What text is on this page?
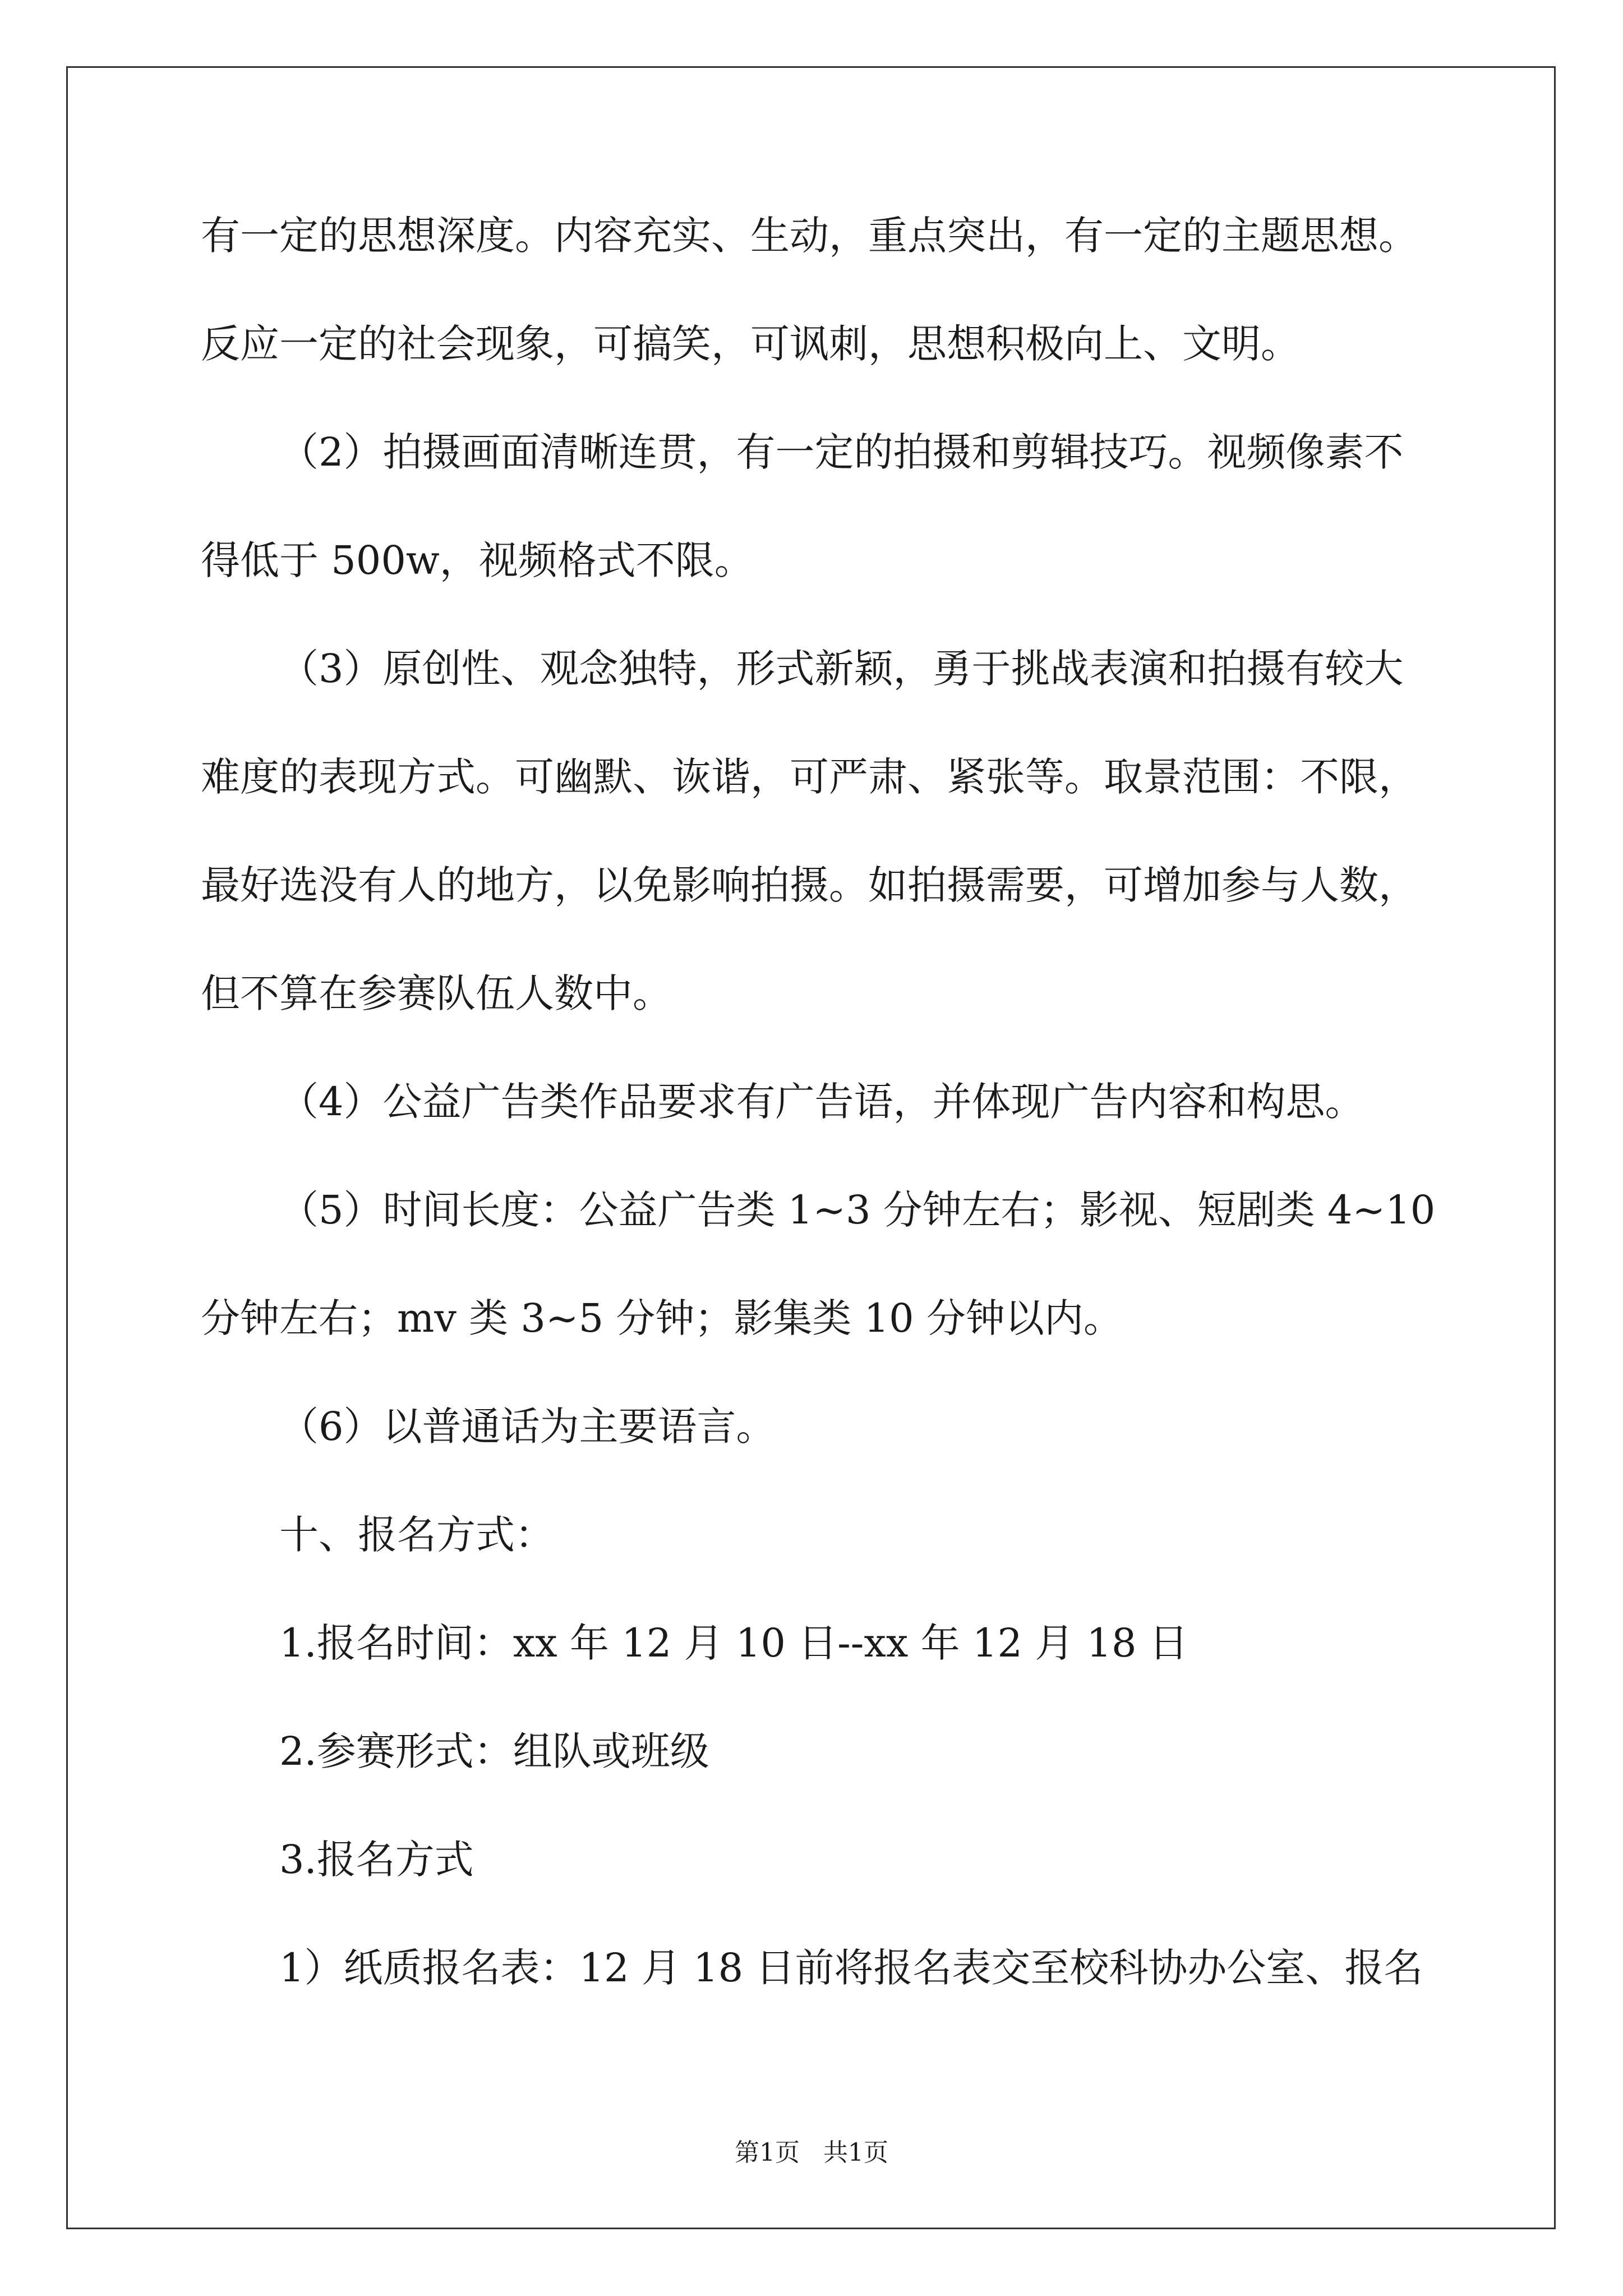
有一定的思想深度。内容充实、生动，重点突出，有一定的主题思想。
反应一定的社会现象，可搞笑，可讽刺，思想积极向上、文明。
（2）拍摄画面清晰连贯，有一定的拍摄和剪辑技巧。视频像素不
得低于 500w，视频格式不限。
（3）原创性、观念独特，形式新颖，勇于挑战表演和拍摄有较大
难度的表现方式。可幽默、诙谐，可严肃、紧张等。取景范围：不限，
最好选没有人的地方，以免影响拍摄。如拍摄需要，可增加参与人数，
但不算在参赛队伍人数中。
（4）公益广告类作品要求有广告语，并体现广告内容和构思。
（5）时间长度：公益广告类 1~3 分钟左右；影视、短剧类 4~10
分钟左右；mv 类 3~5 分钟；影集类 10 分钟以内。
（6）以普通话为主要语言。
十、报名方式：
1.报名时间：xx 年 12 月 10 日--xx 年 12 月 18 日
2.参赛形式：组队或班级
3.报名方式
1）纸质报名表：12 月 18 日前将报名表交至校科协办公室、报名
第1页   共1页
